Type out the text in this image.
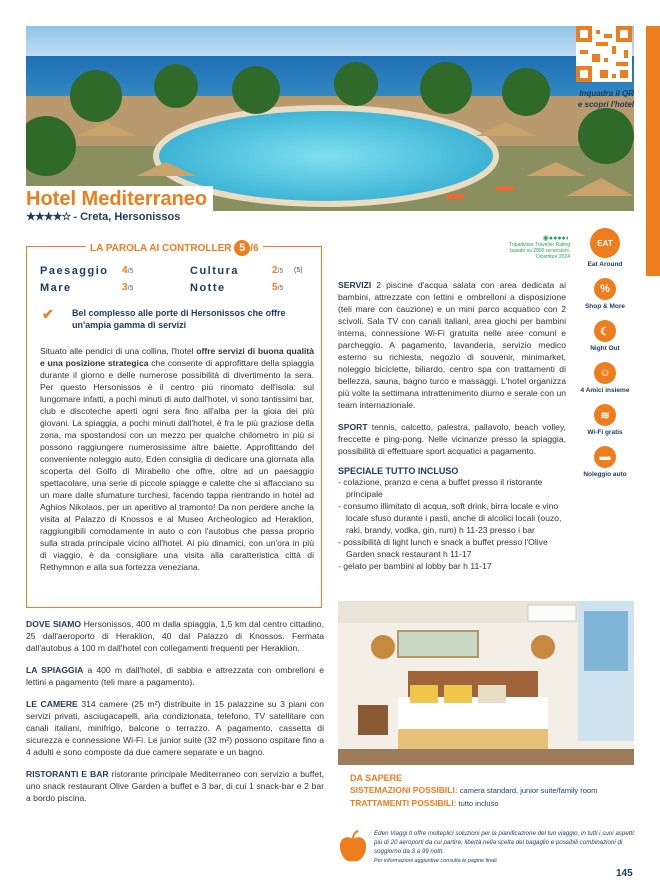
Inquadra il QR
e scopri l'hotel
Hotel Mediterraneo
★★★★☆ - Creta, Hersonissos
LA PAROLA AI CONTROLLER 5 /6
Paesaggio	4/5	Cultura	2/5	(5)
Mare	3/5	Notte	5/5
✔ Bel complesso alle porte di Hersonissos che offre un'ampia gamma di servizi
Situato alle pendici di una collina, l'hotel offre servizi di buona qualità e una posizione strategica che consente di approfittare della spiaggia durante il giorno e delle numerose possibilità di divertimento la sera. Per questo Hersonissos è il centro più rinomato dell'isola: sul lungomare infatti, a pochi minuti di auto dall'hotel, vi sono tantissimi bar, club e discoteche aperti ogni sera fino all'alba per la gioia dei più giovani. La spiaggia, a pochi minuti dall'hotel, è fra le più graziose della zona, ma spostandosi con un mezzo per qualche chilometro in più si possono raggiungere numerosissime altre baiette. Approfittando del conveniente noleggio auto, Eden consiglia di dedicare una giornata alla scoperta del Golfo di Mirabello che offre, oltre ad un paesaggio spettacolare, una serie di piccole spiagge e calette che si affacciano su un mare dalle sfumature turchesi, facendo tappa rientrando in hotel ad Aghios Nikolaos, per un aperitivo al tramonto! Da non perdere anche la visita al Palazzo di Knossos e al Museo Archeologico ad Heraklion, raggiungibili comodamente in auto o con l'autobus che passa proprio sulla strada principale vicino all'hotel. Ai più dinamici, con un'ora in più di viaggio, è da consigliare una visita alla caratteristica città di Rethymnon e alla sua fortezza veneziana.
◉●●●●◐
Tripadvisor Traveller Rating
basato su 2890 recensioni, Dicembre 2024
SERVIZI 2 piscine d'acqua salata con area dedicata ai bambini, attrezzate con lettini e ombrelloni a disposizione (teli mare con cauzione) e un mini parco acquatico con 2 scivoli. Sala TV con canali italiani, area giochi per bambini interna, connessione Wi-Fi gratuita nelle aree comuni e parcheggio. A pagamento, lavanderia, servizio medico esterno su richiesta, negozio di souvenir, minimarket, noleggio biciclette, biliardo, centro spa con trattamenti di bellezza, sauna, bagno turco e massaggi. L'hotel organizza più volte la settimana intrattenimento diurno e serale con un team internazionale.
SPORT tennis, calcetto, palestra, pallavolo, beach volley, freccette e ping-pong. Nelle vicinanze presso la spiaggia, possibilità di effettuare sport acquatici a pagamento.
SPECIALE TUTTO INCLUSO
- colazione, pranzo e cena a buffet presso il ristorante principale
- consumo illimitato di acqua, soft drink, birra locale e vino locale sfuso durante i pasti, anche di alcolici locali (ouzo, raki, brandy, vodka, gin, rum) h 11-23 presso i bar
- possibilità di light lunch e snack a buffet presso l'Olive Garden snack restaurant h 11-17
- gelato per bambini al lobby bar h 11-17
EAT
Eat Around
%
Shop & More
☾
Night Out
☺
4 Amici insieme
≋
Wi-Fi gratis
▬
Noleggio auto

DOVE SIAMO Hersonissos, 400 m dalla spiaggia, 1,5 km dal centro cittadino, 25 dall'aeroporto di Heraklion, 40 dal Palazzo di Knossos. Fermata dall'autobus a 100 m dall'hotel con collegamenti frequenti per Heraklion.

LA SPIAGGIA a 400 m dall'hotel, di sabbia e attrezzata con ombrelloni e lettini a pagamento (teli mare a pagamento).

LE CAMERE 314 camere (25 m²) distribuite in 15 palazzine su 3 piani con servizi privati, asciugacapelli, aria condizionata, telefono, TV satellitare con canali italiani, minifrigo, balcone o terrazzo. A pagamento, cassetta di sicurezza e connessione Wi-Fi. Le junior suite (32 m²) possono ospitare fino a 4 adulti e sono composte da due camere separate e un bagno.

RISTORANTI E BAR ristorante principale Mediterraneo con servizio a buffet, uno snack restaurant Olive Garden a buffet e 3 bar, di cui 1 snack-bar e 2 bar a bordo piscina.

DA SAPERE
SISTEMAZIONI POSSIBILI: camera standard, junior suite/family room
TRATTAMENTI POSSIBILI: tutto incluso
Eden Viaggi ti offre molteplici soluzioni per la pianificazione del tuo viaggio, in tutti i suoi aspetti: più di 20 aeroporti da cui partire, libertà nella scelta del bagaglio e possibili combinazioni di soggiorno da 3 a 99 notti.
Per informazioni aggiuntive consulta le pagine finali.
145
